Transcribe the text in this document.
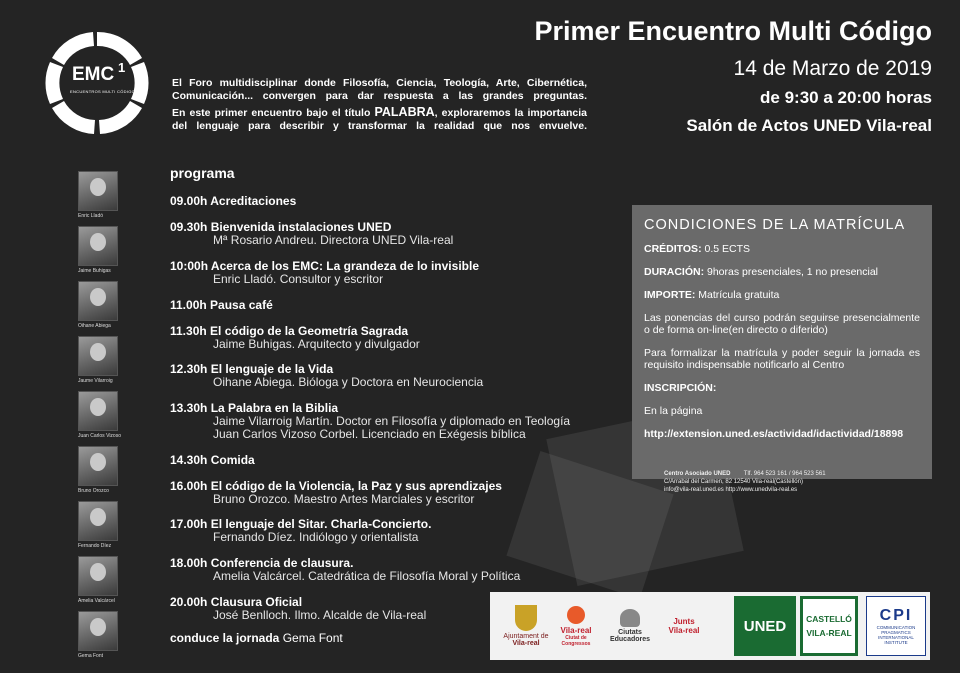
EMC 1
ENCUENTROS MULTI CÓDIGO

El Foro multidisciplinar donde Filosofía, Ciencia, Teología, Arte, Cibernética, Comunicación... convergen para dar respuesta a las grandes preguntas.

En este primer encuentro bajo el título PALABRA, exploraremos la importancia del lenguaje para describir y transformar la realidad que nos envuelve.

Primer Encuentro Multi Código
14 de Marzo de 2019
de 9:30 a 20:00 horas
Salón de Actos UNED Vila-real
Enric Lladó
Jaime Buhigas
Oihane Abiega
Jaume Vilarroig
Juan Carlos Vizoso
Bruno Orozco
Fernando Díez
Amelia Valcárcel
Gema Font
programa
09.00h Acreditaciones
09.30h Bienvenida instalaciones UNED
Mª Rosario Andreu. Directora UNED Vila-real
10:00h Acerca de los EMC: La grandeza de lo invisible
Enric Lladó. Consultor y escritor
11.00h Pausa café
11.30h El código de la Geometría Sagrada
Jaime Buhigas. Arquitecto y divulgador
12.30h El lenguaje de la Vida
Oihane Abiega. Bióloga y Doctora en Neurociencia
13.30h La Palabra en la Biblia
Jaime Vilarroig Martín. Doctor en Filosofía y diplomado en Teología
Juan Carlos Vizoso Corbel. Licenciado en Exégesis bíblica
14.30h Comida
16.00h El código de la Violencia, la Paz y sus aprendizajes
Bruno Orozco. Maestro Artes Marciales y escritor
17.00h El lenguaje del Sitar. Charla-Concierto.
Fernando Díez. Indiólogo y orientalista
18.00h Conferencia de clausura.
Amelia Valcárcel. Catedrática de Filosofía Moral y Política
20.00h Clausura Oficial
José Benlloch. Ilmo. Alcalde de Vila-real
conduce la jornada Gema Font
CONDICIONES DE LA MATRÍCULA
CRÉDITOS: 0.5 ECTS
DURACIÓN: 9horas presenciales, 1 no presencial
IMPORTE: Matrícula gratuita
Las ponencias del curso podrán seguirse presencialmente o de forma on-line(en directo o diferido)
Para formalizar la matrícula y poder seguir la jornada es requisito indispensable notificarlo al Centro
INSCRIPCIÓN:
En la página
http://extension.uned.es/actividad/idactividad/18898
Centro Asociado UNED Tlf. 964 523 161 / 964 523 561
C/Arrabal del Carmen, 82 12540 Vila-real(Castellón)
info@vila-real.uned.es http://www.unedvila-real.es
Ajuntament de
Vila-real
Vila-real
Ciutat de Congressos
Ciutats
Educadores
Junts
Vila-real	UNED	CASTELLÓ
VILA-REAL
CPI
COMMUNICATION PRAGMATICS INTERNATIONAL INSTITUTE
